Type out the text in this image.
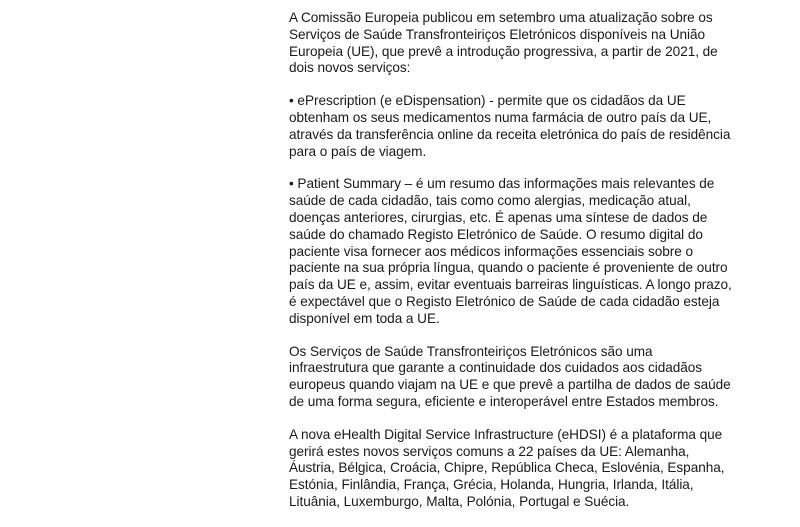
A Comissão Europeia publicou em setembro uma atualização sobre os Serviços de Saúde Transfronteiriços Eletrónicos disponíveis na União Europeia (UE), que prevê a introdução progressiva, a partir de 2021, de dois novos serviços:

• ePrescription (e eDispensation) - permite que os cidadãos da UE obtenham os seus medicamentos numa farmácia de outro país da UE, através da transferência online da receita eletrónica do país de residência para o país de viagem.

• Patient Summary – é um resumo das informações mais relevantes de saúde de cada cidadão, tais como como alergias, medicação atual, doenças anteriores, cirurgias, etc. É apenas uma síntese de dados de saúde do chamado Registo Eletrónico de Saúde. O resumo digital do paciente visa fornecer aos médicos informações essenciais sobre o paciente na sua própria língua, quando o paciente é proveniente de outro país da UE e, assim, evitar eventuais barreiras linguísticas. A longo prazo, é expectável que o Registo Eletrónico de Saúde de cada cidadão esteja disponível em toda a UE.

Os Serviços de Saúde Transfronteiriços Eletrónicos são uma infraestrutura que garante a continuidade dos cuidados aos cidadãos europeus quando viajam na UE e que prevê a partilha de dados de saúde de uma forma segura, eficiente e interoperável entre Estados membros.

A nova eHealth Digital Service Infrastructure (eHDSI) é a plataforma que gerirá estes novos serviços comuns a 22 países da UE: Alemanha, Áustria, Bélgica, Croácia, Chipre, República Checa, Eslovénia, Espanha, Estónia, Finlândia, França, Grécia, Holanda, Hungria, Irlanda, Itália, Lituânia, Luxemburgo, Malta, Polónia, Portugal e Suécia.
